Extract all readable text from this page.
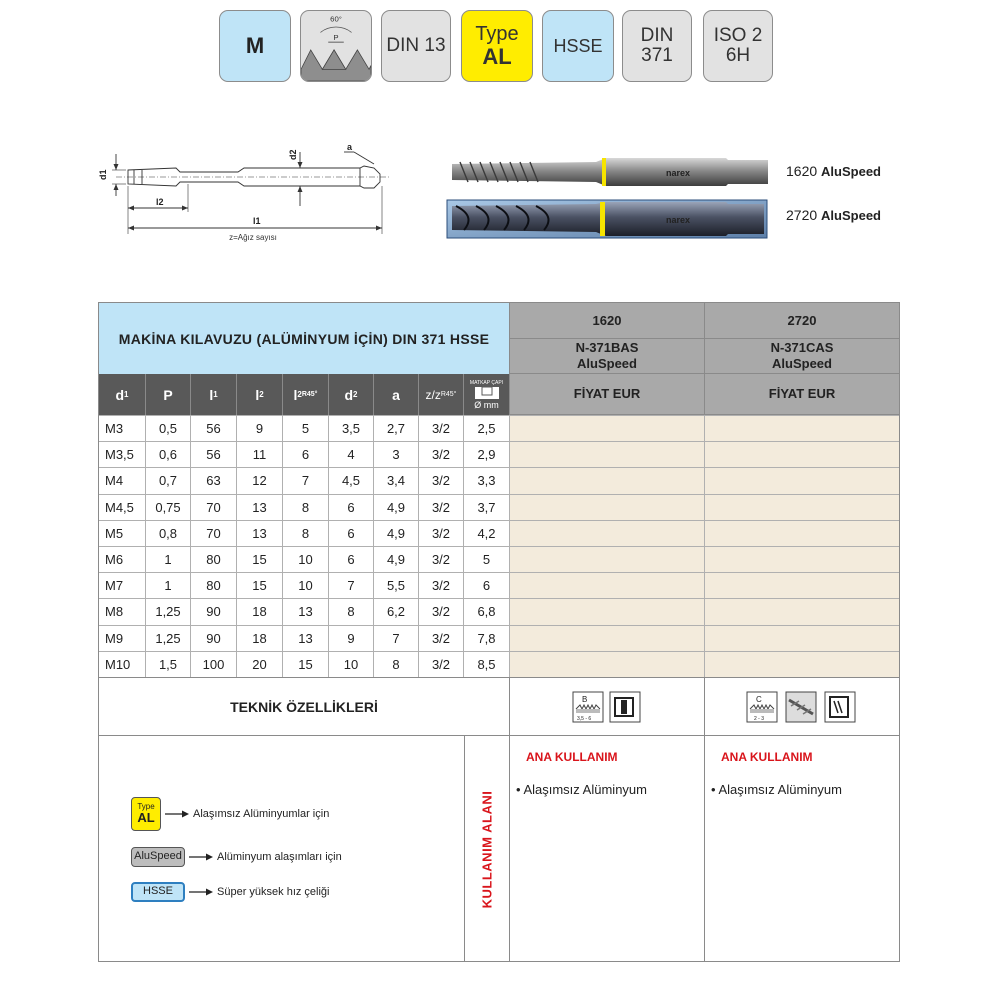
M
60°
P	DIN 13
Type
AL HSSE DIN
371
ISO 2
6H
d1
d2
a
l2
l1
z=Ağız sayısı
narex
narex
1620 AluSpeed
2720 AluSpeed
MAKİNA KILAVUZU (ALÜMİNYUM İÇİN) DIN 371 HSSE
1620
N-371BAS
AluSpeed
FİYAT EUR
2720
N-371CAS
AluSpeed
FİYAT EUR
d 1	P	l 1	l 2 l 2 R45° d 2	a	z/z R45°
MATKAP ÇAPI
Ø mm
M3	0,5	56	9	5	3,5	2,7	3/2	2,5
M3,5	0,6	56	11	6	4	3	3/2	2,9
M4	0,7	63	12	7	4,5	3,4	3/2	3,3
M4,5	0,75	70	13	8	6	4,9	3/2	3,7
M5	0,8	70	13	8	6	4,9	3/2	4,2
M6	1	80	15	10	6	4,9	3/2	5
M7	1	80	15	10	7	5,5	3/2	6
M8	1,25	90	18	13	8	6,2	3/2	6,8
M9	1,25	90	18	13	9	7	3/2	7,8
M10	1,5	100	20	15	10	8	3/2	8,5
TEKNİK ÖZELLİKLERİ	B
3,5 - 6
C
2 - 3
Type
AL	Alaşımsız Alüminyumlar için
AluSpeed	Alüminyum alaşımları için
HSSE	Süper yüksek hız çeliği	KULLANIM ALANI
ANA KULLANIM
• Alaşımsız Alüminyum
ANA KULLANIM
• Alaşımsız Alüminyum
